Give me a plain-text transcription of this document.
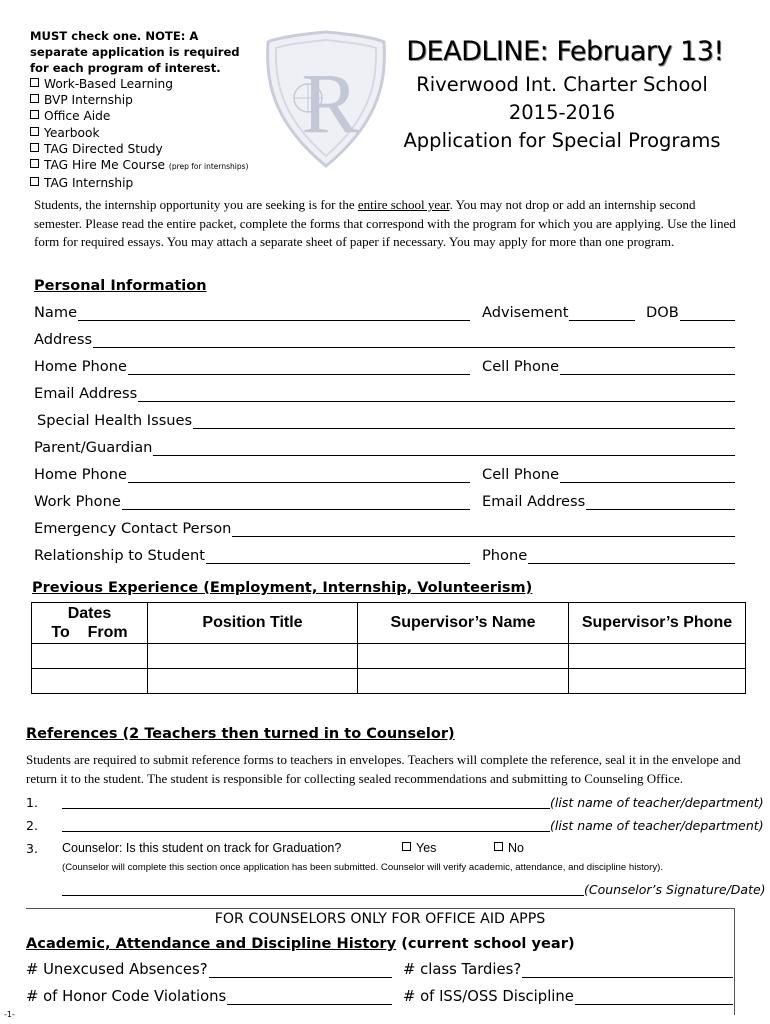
MUST check one. NOTE: A separate application is required for each program of interest.
Work-Based Learning
BVP Internship
Office Aide
Yearbook
TAG Directed Study
TAG Hire Me Course (prep for internships)
TAG Internship
R
DEADLINE: February 13!
Riverwood Int. Charter School
2015-2016
Application for Special Programs
Students, the internship opportunity you are seeking is for the entire school year. You may not drop or add an internship second semester. Please read the entire packet, complete the forms that correspond with the program for which you are applying. Use the lined form for required essays. You may attach a separate sheet of paper if necessary. You may apply for more than one program.
Personal Information
Name	Advisement	DOB
Address
Home Phone	Cell Phone
Email Address
Special Health Issues
Parent/Guardian
Home Phone	Cell Phone
Work Phone	Email Address
Emergency Contact Person
Relationship to Student	Phone
Previous Experience (Employment, Internship, Volunteerism)
Dates
To From	Position Title	Supervisor’s Name	Supervisor’s Phone

References (2 Teachers then turned in to Counselor)
Students are required to submit reference forms to teachers in envelopes. Teachers will complete the reference, seal it in the envelope and return it to the student. The student is responsible for collecting sealed recommendations and submitting to Counseling Office.
1.	(list name of teacher/department)
2.	(list name of teacher/department)
3. Counselor: Is this student on track for Graduation?	Yes	No
(Counselor will complete this section once application has been submitted. Counselor will verify academic, attendance, and discipline history).
(Counselor’s Signature/Date)
FOR COUNSELORS ONLY FOR OFFICE AID APPS
Academic, Attendance and Discipline History (current school year)
# Unexcused Absences?	# class Tardies?
# of Honor Code Violations	# of ISS/OSS Discipline
-1-
